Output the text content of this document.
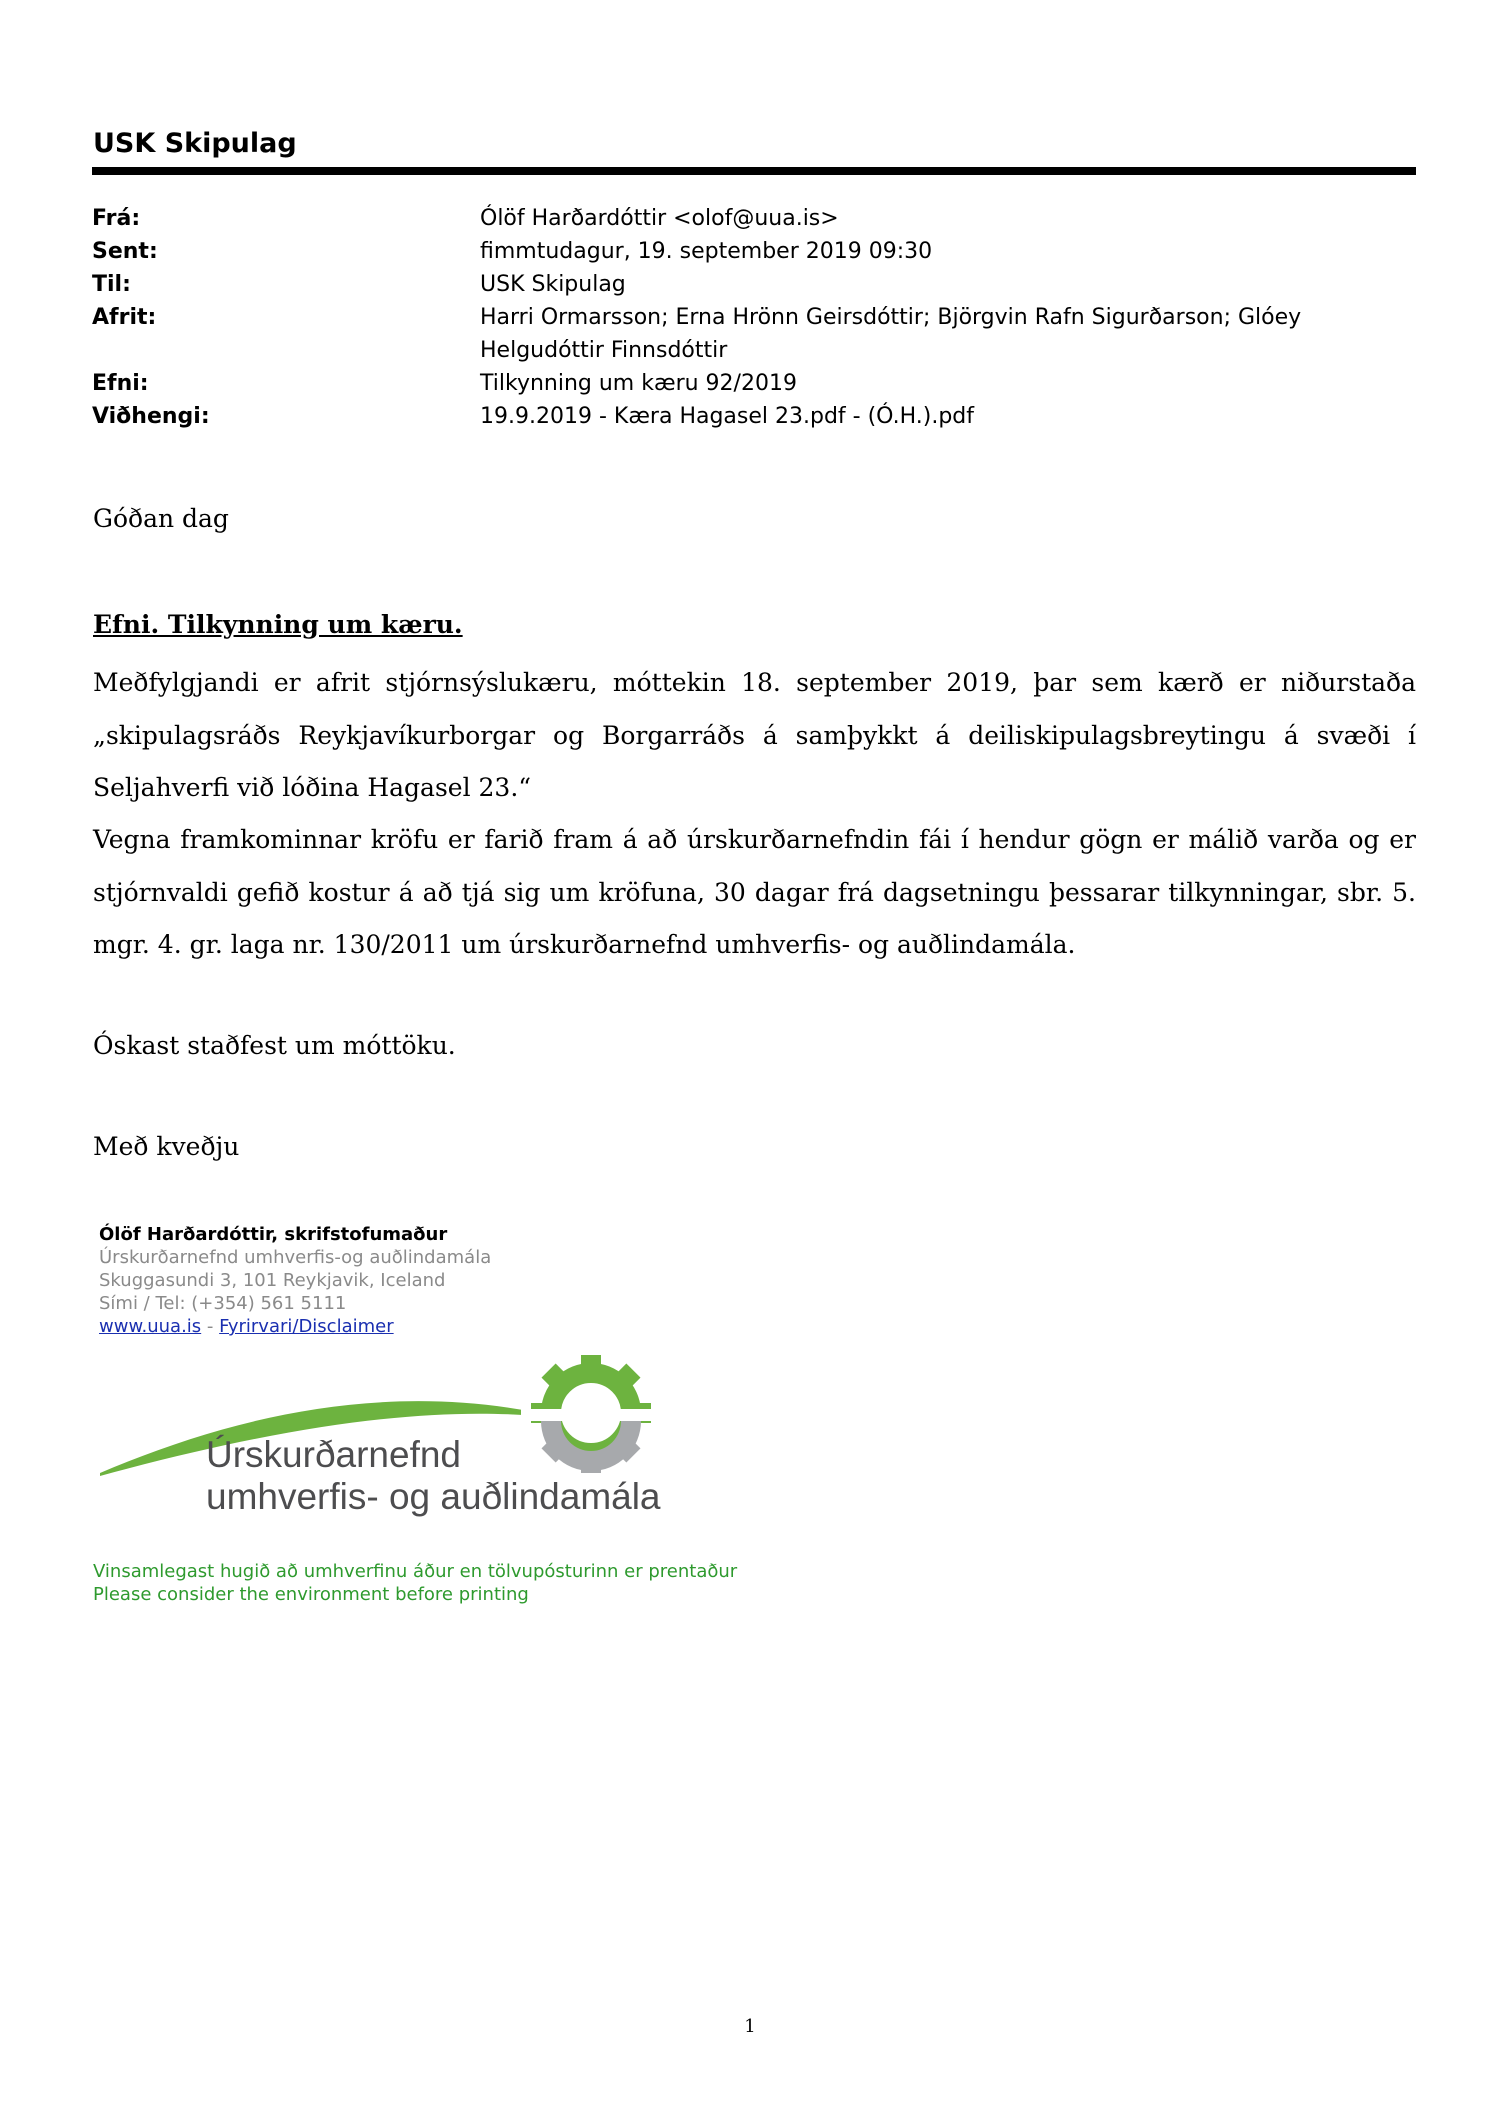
USK Skipulag
Frá:	Ólöf Harðardóttir <olof@uua.is>
Sent:	fimmtudagur, 19. september 2019 09:30
Til:	USK Skipulag
Afrit:	Harri Ormarsson; Erna Hrönn Geirsdóttir; Björgvin Rafn Sigurðarson; Glóey Helgudóttir Finnsdóttir
Efni:	Tilkynning um kæru 92/2019
Viðhengi:	19.9.2019 - Kæra Hagasel 23.pdf - (Ó.H.).pdf
Góðan dag
Efni. Tilkynning um kæru.
Meðfylgjandi er afrit stjórnsýslukæru, móttekin 18. september 2019, þar sem kærð er niðurstaða „skipulagsráðs Reykjavíkurborgar og Borgarráðs á samþykkt á deiliskipulagsbreytingu á svæði í Seljahverfi við lóðina Hagasel 23.“
Vegna framkominnar kröfu er farið fram á að úrskurðarnefndin fái í hendur gögn er málið varða og er stjórnvaldi gefið kostur á að tjá sig um kröfuna, 30 dagar frá dagsetningu þessarar tilkynningar, sbr. 5. mgr. 4. gr. laga nr. 130/2011 um úrskurðarnefnd umhverfis- og auðlindamála.
Óskast staðfest um móttöku.
Með kveðju
Ólöf Harðardóttir, skrifstofumaður
Úrskurðarnefnd umhverfis-og auðlindamála
Skuggasundi 3, 101 Reykjavik, Iceland
Sími / Tel: (+354) 561 5111
www.uua.is - Fyrirvari/Disclaimer
Úrskurðarnefnd
umhverfis- og auðlindamála
Vinsamlegast hugið að umhverfinu áður en tölvupósturinn er prentaður
Please consider the environment before printing
1
